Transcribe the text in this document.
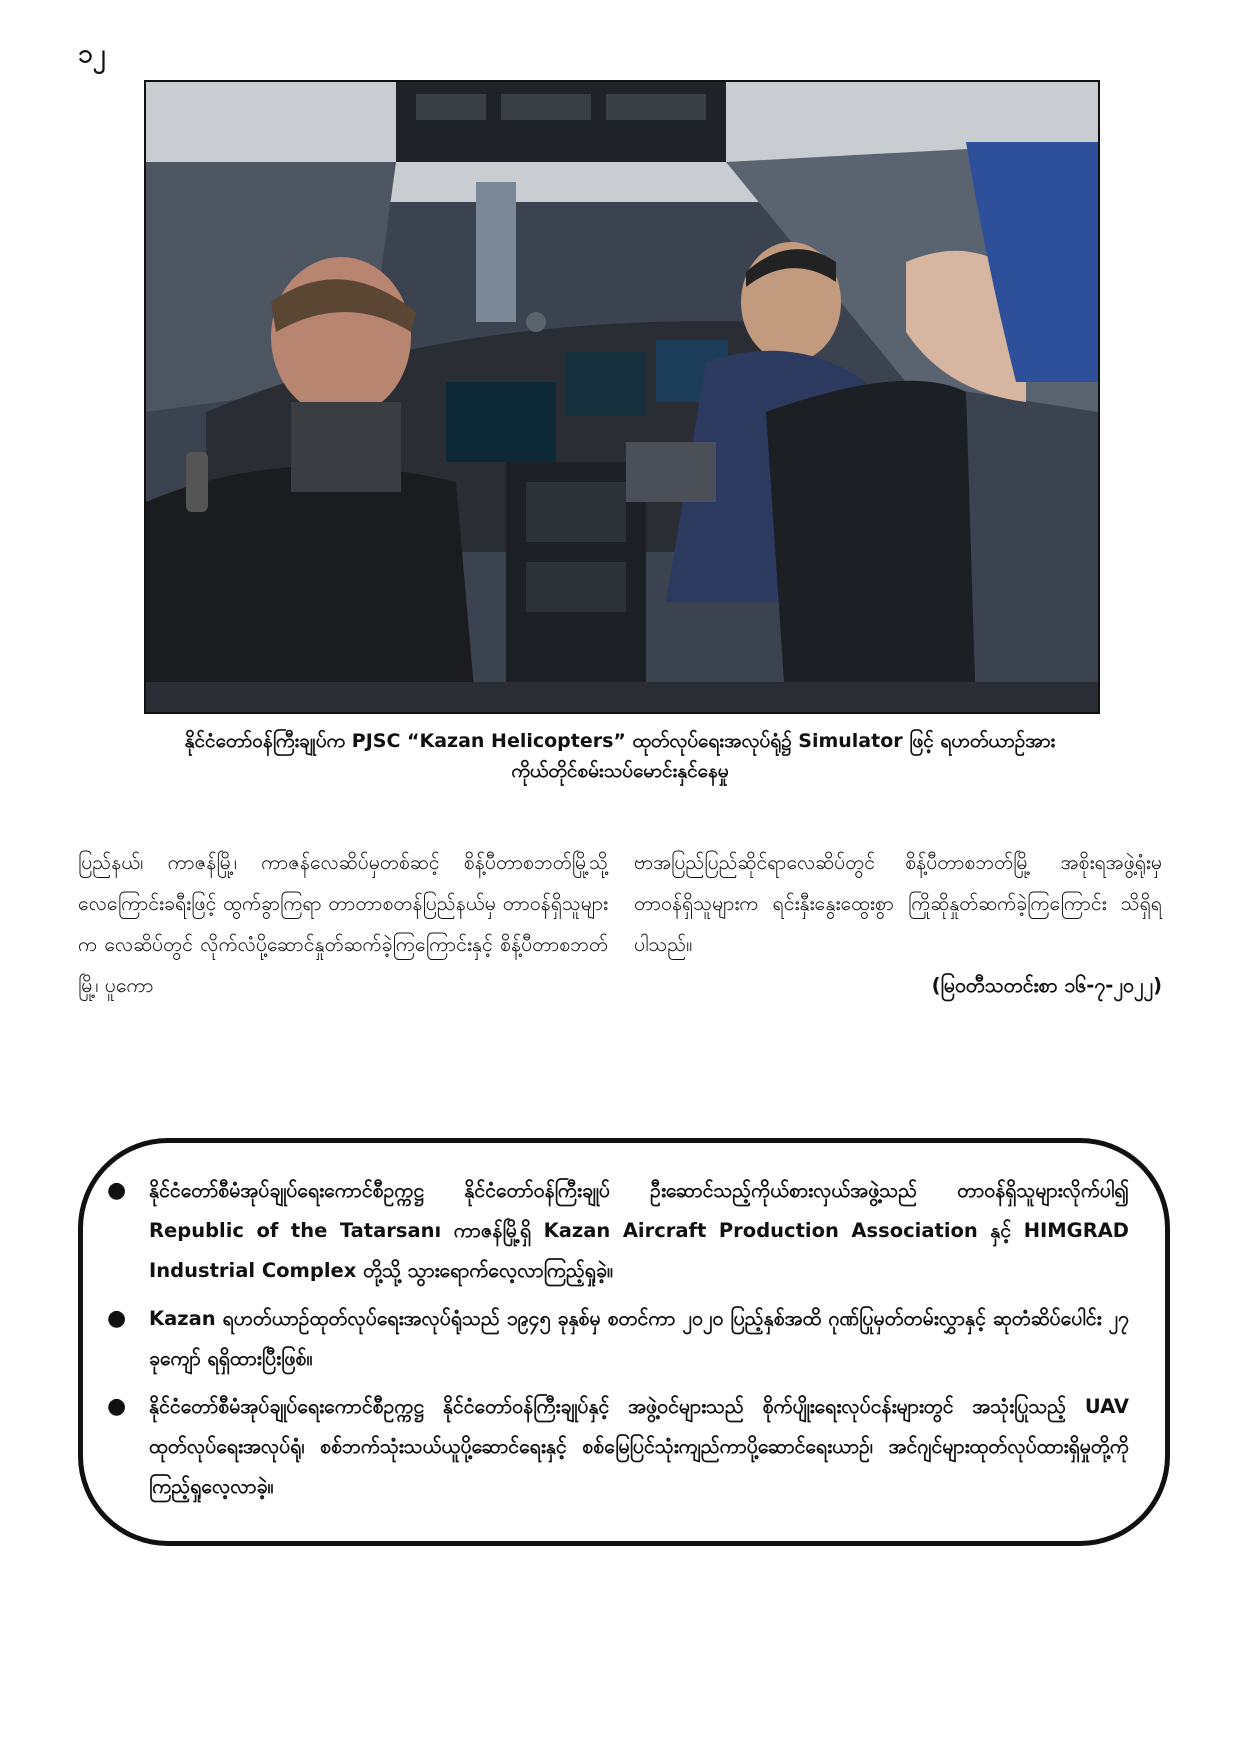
၁၂
နိုင်ငံတော်ဝန်ကြီးချုပ်က PJSC “Kazan Helicopters” ထုတ်လုပ်ရေးအလုပ်ရုံ၌ Simulator ဖြင့် ရဟတ်ယာဉ်အား
ကိုယ်တိုင်စမ်းသပ်မောင်းနှင်နေမှု

ပြည်နယ်၊ ကာဇန်မြို့၊ ကာဇန်လေဆိပ်မှတစ်ဆင့် စိန့်ပီတာစဘတ်မြို့သို့ လေကြောင်းခရီးဖြင့် ထွက်ခွာကြရာ တာတာစတန်ပြည်နယ်မှ တာဝန်ရှိသူများက လေဆိပ်တွင် လိုက်လံပို့ဆောင်နှုတ်ဆက်ခဲ့ကြကြောင်းနှင့် စိန့်ပီတာစဘတ်မြို့၊ ပူကော

ဗာအပြည်ပြည်ဆိုင်ရာလေဆိပ်တွင် စိန့်ပီတာစဘတ်မြို့ အစိုးရအဖွဲ့ရုံးမှ တာဝန်ရှိသူများက ရင်းနှီးနွေးထွေးစွာ ကြိုဆိုနှုတ်ဆက်ခဲ့ကြကြောင်း သိရှိရပါသည်။

(မြဝတီသတင်းစာ ၁၆-၇-၂၀၂၂)
● နိုင်ငံတော်စီမံအုပ်ချုပ်ရေးကောင်စီဥက္ကဋ္ဌ နိုင်ငံတော်ဝန်ကြီးချုပ် ဦးဆောင်သည့်ကိုယ်စားလှယ်အဖွဲ့သည် တာဝန်ရှိသူများလိုက်ပါ၍ Republic of the Tatarsanı ကာဇန်မြို့ရှိ Kazan Aircraft Production Association နှင့် HIMGRAD Industrial Complex တို့သို့ သွားရောက်လေ့လာကြည့်ရှုခဲ့။
● Kazan ရဟတ်ယာဉ်ထုတ်လုပ်ရေးအလုပ်ရုံသည် ၁၉၄၅ ခုနှစ်မှ စတင်ကာ ၂၀၂၀ ပြည့်နှစ်အထိ ဂုဏ်ပြုမှတ်တမ်းလွှာနှင့် ဆုတံဆိပ်ပေါင်း ၂၇ ခုကျော် ရရှိထားပြီးဖြစ်။
● နိုင်ငံတော်စီမံအုပ်ချုပ်ရေးကောင်စီဥက္ကဋ္ဌ နိုင်ငံတော်ဝန်ကြီးချုပ်နှင့် အဖွဲ့ဝင်များသည် စိုက်ပျိုးရေးလုပ်ငန်းများတွင် အသုံးပြုသည့် UAV ထုတ်လုပ်ရေးအလုပ်ရုံ၊ စစ်ဘက်သုံးသယ်ယူပို့ဆောင်ရေးနှင့် စစ်မြေပြင်သုံးကျည်ကာပို့ဆောင်ရေးယာဉ်၊ အင်ဂျင်များထုတ်လုပ်ထားရှိမှုတို့ကို ကြည့်ရှုလေ့လာခဲ့။
